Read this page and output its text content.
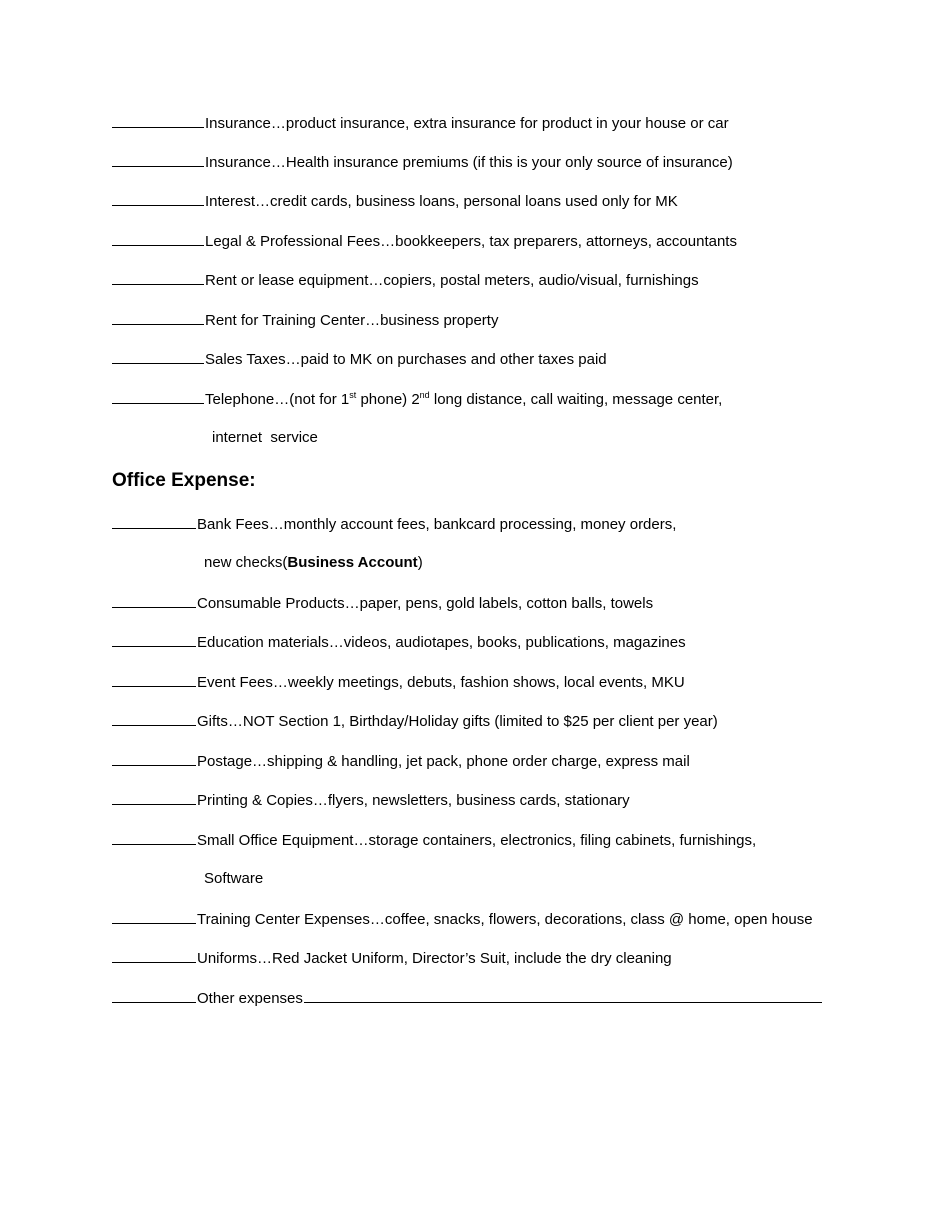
Insurance…product insurance, extra insurance for product in your house or car
Insurance…Health insurance premiums (if this is your only source of insurance)
Interest…credit cards, business loans, personal loans used only for MK
Legal & Professional Fees…bookkeepers, tax preparers, attorneys, accountants
Rent or lease equipment…copiers, postal meters, audio/visual, furnishings
Rent for Training Center…business property
Sales Taxes…paid to MK on purchases and other taxes paid
Telephone…(not for 1st phone) 2nd long distance, call waiting, message center,
internet  service
Office Expense:
Bank Fees…monthly account fees, bankcard processing, money orders,
new checks(Business Account)
Consumable Products…paper, pens, gold labels, cotton balls, towels
Education materials…videos, audiotapes, books, publications, magazines
Event Fees…weekly meetings, debuts, fashion shows, local events, MKU
Gifts…NOT Section 1, Birthday/Holiday gifts (limited to $25 per client per year)
Postage…shipping & handling, jet pack, phone order charge, express mail
Printing & Copies…flyers, newsletters, business cards, stationary
Small Office Equipment…storage containers, electronics, filing cabinets, furnishings,
Software
Training Center Expenses…coffee, snacks, flowers, decorations, class @ home, open house
Uniforms…Red Jacket Uniform, Director’s Suit, include the dry cleaning
Other expenses
